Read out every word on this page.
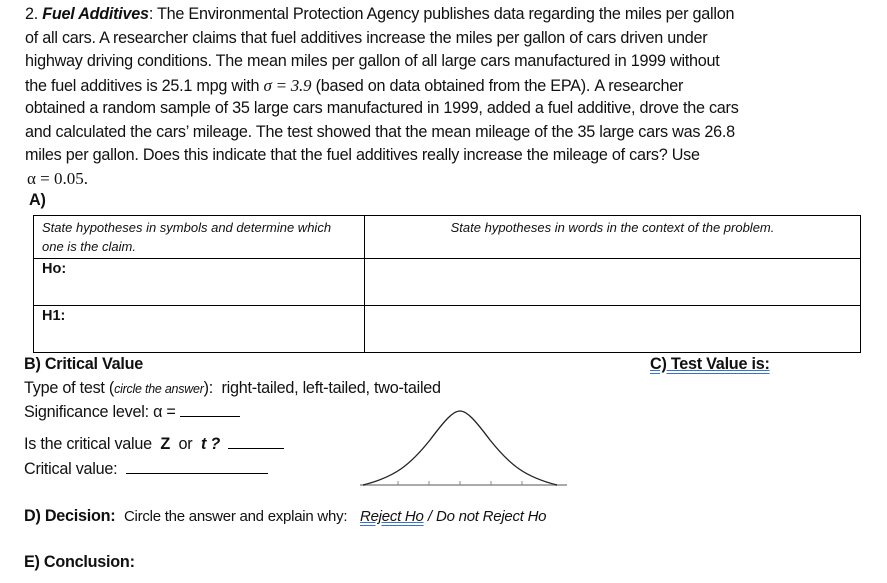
2. Fuel Additives: The Environmental Protection Agency publishes data regarding the miles per gallon
of all cars. A researcher claims that fuel additives increase the miles per gallon of cars driven under
highway driving conditions. The mean miles per gallon of all large cars manufactured in 1999 without
the fuel additives is 25.1 mpg with σ = 3.9 (based on data obtained from the EPA). A researcher
obtained a random sample of 35 large cars manufactured in 1999, added a fuel additive, drove the cars
and calculated the cars’ mileage. The test showed that the mean mileage of the 35 large cars was 26.8
miles per gallon. Does this indicate that the fuel additives really increase the mileage of cars? Use
α = 0.05.
A)
State hypotheses in symbols and determine which one is the claim.	State hypotheses in words in the context of the problem.
Ho:	
H1:	
B) Critical Value	C) Test Value is:
Type of test (circle the answer): right-tailed, left-tailed, two-tailed
Significance level: α =
Is the critical value Z or t ?
Critical value:
D) Decision: Circle the answer and explain why: Reject Ho / Do not Reject Ho
E) Conclusion:
